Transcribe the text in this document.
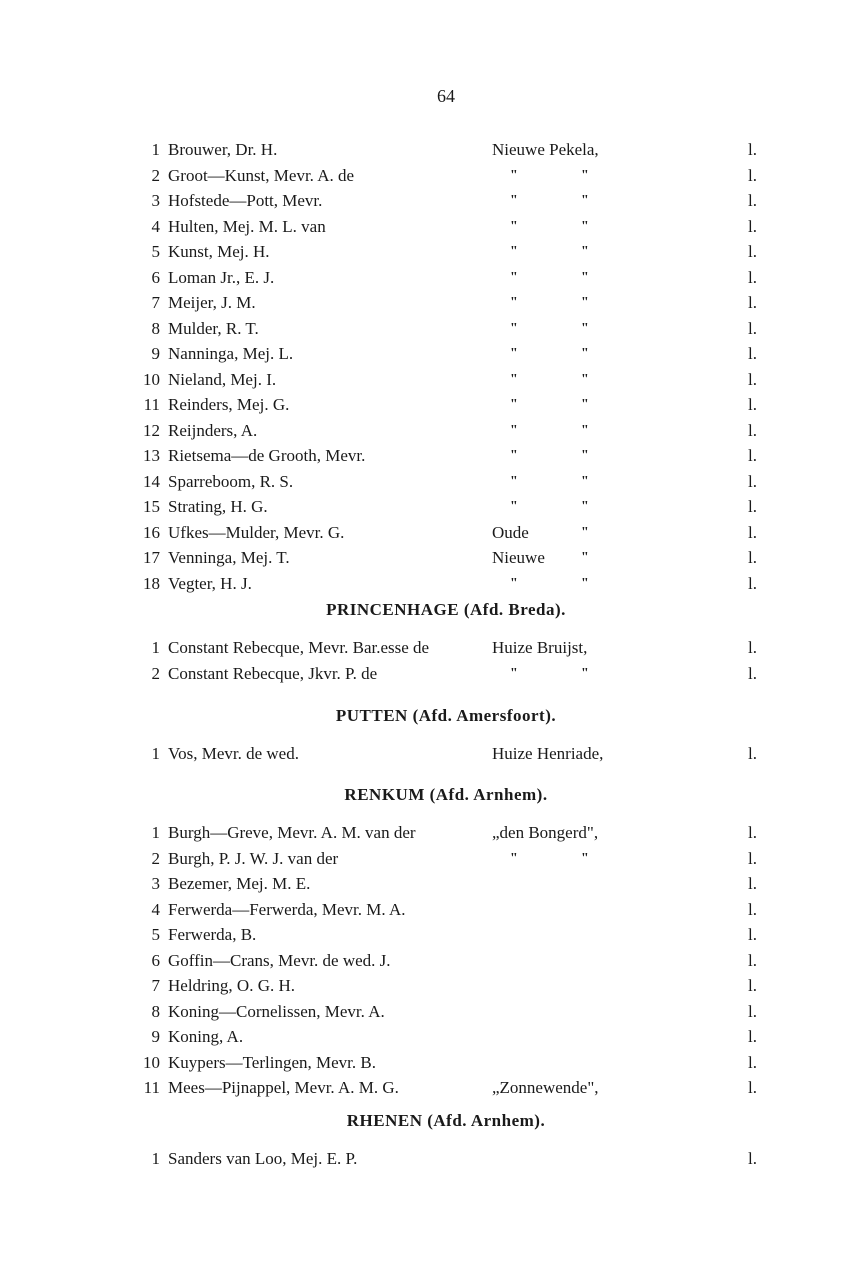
64
1 Brouwer, Dr. H.	Nieuwe Pekela,	l.
2 Groot—Kunst, Mevr. A. de	"	"	l.
3 Hofstede—Pott, Mevr.	"	"	l.
4 Hulten, Mej. M. L. van	"	"	l.
5 Kunst, Mej. H.	"	"	l.
6 Loman Jr., E. J.	"	"	l.
7 Meijer, J. M.	"	"	l.
8 Mulder, R. T.	"	"	l.
9 Nanninga, Mej. L.	"	"	l.
10 Nieland, Mej. I.	"	"	l.
11 Reinders, Mej. G.	"	"	l.
12 Reijnders, A.	"	"	l.
13 Rietsema—de Grooth, Mevr.	"	"	l.
14 Sparreboom, R. S.	"	"	l.
15 Strating, H. G.	"	"	l.
16 Ufkes—Mulder, Mevr. G.	Oude	"	l.
17 Venninga, Mej. T.	Nieuwe	"	l.
18 Vegter, H. J.	"	"	l.
PRINCENHAGE (Afd. Breda).
1 Constant Rebecque, Mevr. Bar.esse de	Huize Bruijst,	l.
2 Constant Rebecque, Jkvr. P. de	"	"	l.
PUTTEN (Afd. Amersfoort).
1 Vos, Mevr. de wed.	Huize Henriade,	l.
RENKUM (Afd. Arnhem).
1 Burgh—Greve, Mevr. A. M. van der	„den Bongerd",	l.
2 Burgh, P. J. W. J. van der	"	"	l.
3 Bezemer, Mej. M. E.	l.
4 Ferwerda—Ferwerda, Mevr. M. A.	l.
5 Ferwerda, B.	l.
6 Goffin—Crans, Mevr. de wed. J.	l.
7 Heldring, O. G. H.	l.
8 Koning—Cornelissen, Mevr. A.	l.
9 Koning, A.	l.
10 Kuypers—Terlingen, Mevr. B.	l.
11 Mees—Pijnappel, Mevr. A. M. G.	„Zonnewende",	l.
RHENEN (Afd. Arnhem).
1 Sanders van Loo, Mej. E. P.	l.
